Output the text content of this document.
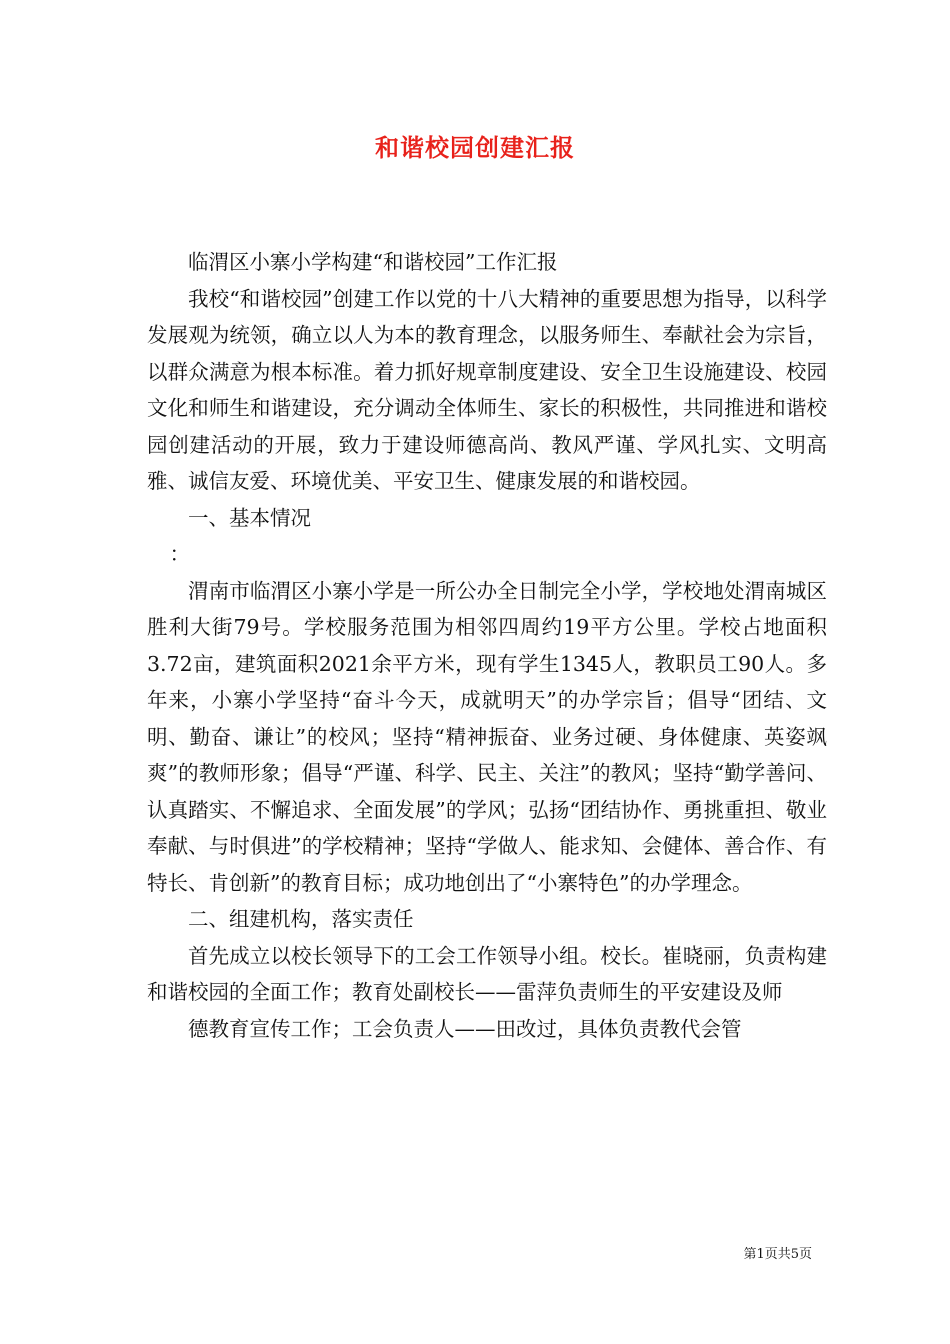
和谐校园创建汇报

临渭区小寨小学构建“和谐校园”工作汇报

我校“和谐校园”创建工作以党的十八大精神的重要思想为指导，以科学发展观为统领，确立以人为本的教育理念，以服务师生、奉献社会为宗旨，以群众满意为根本标准。着力抓好规章制度建设、安全卫生设施建设、校园文化和师生和谐建设，充分调动全体师生、家长的积极性，共同推进和谐校园创建活动的开展，致力于建设师德高尚、教风严谨、学风扎实、文明高雅、诚信友爱、环境优美、平安卫生、健康发展的和谐校园。

一、基本情况

：

渭南市临渭区小寨小学是一所公办全日制完全小学，学校地处渭南城区胜利大街79号。学校服务范围为相邻四周约19平方公里。学校占地面积3.72亩，建筑面积2021余平方米，现有学生1345人，教职员工90人。多年来，小寨小学坚持“奋斗今天，成就明天”的办学宗旨；倡导“团结、文明、勤奋、谦让”的校风；坚持“精神振奋、业务过硬、身体健康、英姿飒爽”的教师形象；倡导“严谨、科学、民主、关注”的教风；坚持“勤学善问、认真踏实、不懈追求、全面发展”的学风；弘扬“团结协作、勇挑重担、敬业奉献、与时俱进”的学校精神；坚持“学做人、能求知、会健体、善合作、有特长、肯创新”的教育目标；成功地创出了“小寨特色”的办学理念。

二、组建机构，落实责任

首先成立以校长领导下的工会工作领导小组。校长。崔晓丽，负责构建和谐校园的全面工作；教育处副校长——雷萍负责师生的平安建设及师

德教育宣传工作；工会负责人——田改过，具体负责教代会管

第1页共5页
